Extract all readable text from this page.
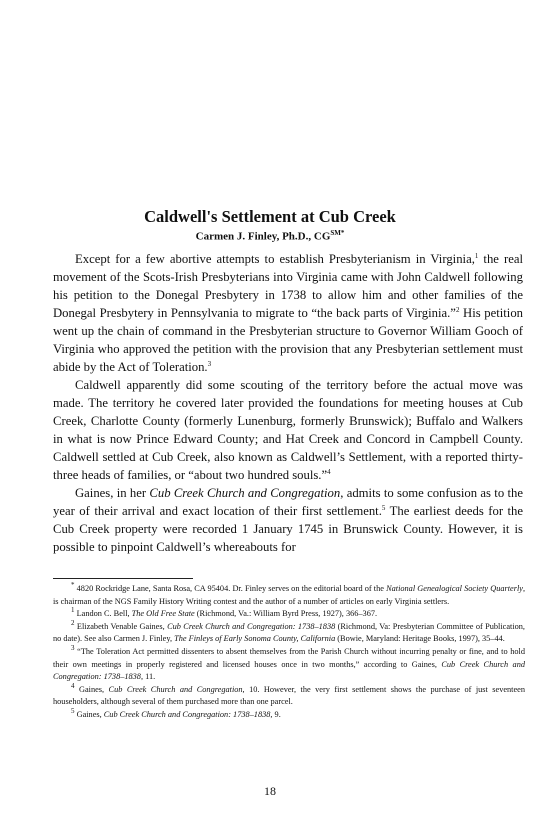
Caldwell's Settlement at Cub Creek
Carmen J. Finley, Ph.D., $CG^{SM*}$

Except for a few abortive attempts to establish Presbyterianism in Virginia,$^1$ the real movement of the Scots-Irish Presbyterians into Virginia came with John Caldwell following his petition to the Donegal Presbytery in 1738 to allow him and other families of the Donegal Presbytery in Pennsylvania to migrate to “the back parts of Virginia.”$^2$ His petition went up the chain of command in the Presbyterian structure to Governor William Gooch of Virginia who approved the petition with the provision that any Presbyterian settlement must abide by the Act of Toleration.$^3$

Caldwell apparently did some scouting of the territory before the actual move was made. The territory he covered later provided the foundations for meeting houses at Cub Creek, Charlotte County (formerly Lunenburg, formerly Brunswick); Buffalo and Walkers in what is now Prince Edward County; and Hat Creek and Concord in Campbell County. Caldwell settled at Cub Creek, also known as Caldwell’s Settlement, with a reported thirty-three heads of families, or “about two hundred souls.”$^4$

Gaines, in her Cub Creek Church and Congregation, admits to some confusion as to the year of their arrival and exact location of their first settlement.$^5$ The earliest deeds for the Cub Creek property were recorded 1 January 1745 in Brunswick County. However, it is possible to pinpoint Caldwell’s whereabouts for

* 4820 Rockridge Lane, Santa Rosa, CA 95404. Dr. Finley serves on the editorial board of the National Genealogical Society Quarterly, is chairman of the NGS Family History Writing contest and the author of a number of articles on early Virginia settlers.

$^1$ Landon C. Bell, The Old Free State (Richmond, Va.: William Byrd Press, 1927), 366–367.

$^2$ Elizabeth Venable Gaines, Cub Creek Church and Congregation: 1738–1838 (Richmond, Va: Presbyterian Committee of Publication, no date). See also Carmen J. Finley, The Finleys of Early Sonoma County, California (Bowie, Maryland: Heritage Books, 1997), 35–44.

$^3$ “The Toleration Act permitted dissenters to absent themselves from the Parish Church without incurring penalty or fine, and to hold their own meetings in properly registered and licensed houses once in two months,” according to Gaines, Cub Creek Church and Congregation: 1738–1838, 11.

$^4$ Gaines, Cub Creek Church and Congregation, 10. However, the very first settlement shows the purchase of just seventeen householders, although several of them purchased more than one parcel.

$^5$ Gaines, Cub Creek Church and Congregation: 1738–1838, 9.

18
